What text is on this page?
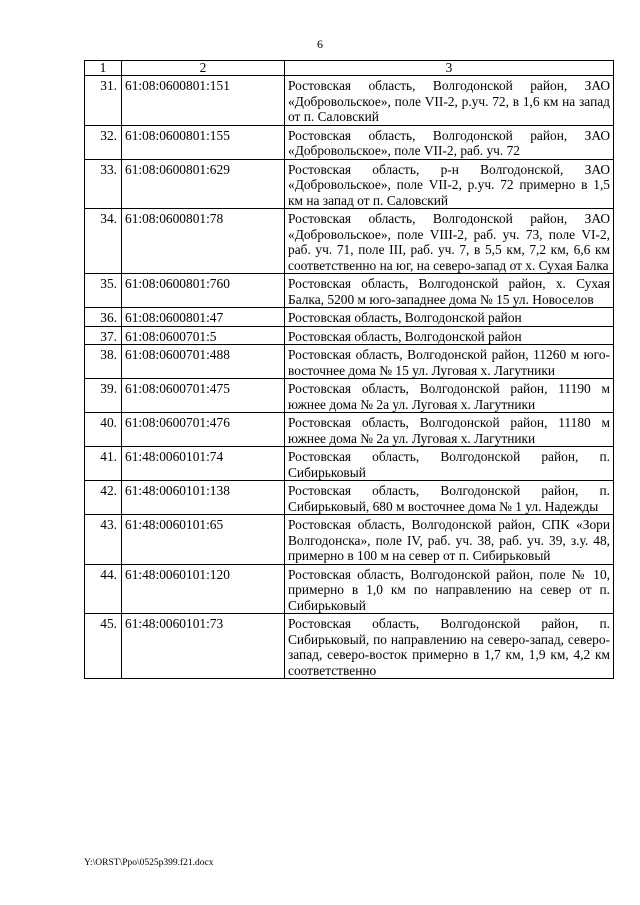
6
1	2	3
31.	61:08:0600801:151	Ростовская область, Волгодонской район, ЗАО «Добровольское», поле VII-2, р.уч. 72, в 1,6 км на запад от п. Саловский
32.	61:08:0600801:155	Ростовская область, Волгодонской район, ЗАО «Добровольское», поле VII-2, раб. уч. 72
33.	61:08:0600801:629	Ростовская область, р-н Волгодонской, ЗАО «Добровольское», поле VII-2, р.уч. 72 примерно в 1,5 км на запад от п. Саловский
34.	61:08:0600801:78	Ростовская область, Волгодонской район, ЗАО «Добровольское», поле VIII-2, раб. уч. 73, поле VI-2, раб. уч. 71, поле III, раб. уч. 7, в 5,5 км, 7,2 км, 6,6 км соответственно на юг, на северо-запад от х. Сухая Балка
35.	61:08:0600801:760	Ростовская область, Волгодонской район, х. Сухая Балка, 5200 м юго-западнее дома № 15 ул. Новоселов
36.	61:08:0600801:47	Ростовская область, Волгодонской район
37.	61:08:0600701:5	Ростовская область, Волгодонской район
38.	61:08:0600701:488	Ростовская область, Волгодонской район, 11260 м юго-восточнее дома № 15 ул. Луговая х. Лагутники
39.	61:08:0600701:475	Ростовская область, Волгодонской район, 11190 м южнее дома № 2а ул. Луговая х. Лагутники
40.	61:08:0600701:476	Ростовская область, Волгодонской район, 11180 м южнее дома № 2а ул. Луговая х. Лагутники
41.	61:48:0060101:74	Ростовская область, Волгодонской район, п. Сибирьковый
42.	61:48:0060101:138	Ростовская область, Волгодонской район, п. Сибирьковый, 680 м восточнее дома № 1 ул. Надежды
43.	61:48:0060101:65	Ростовская область, Волгодонской район, СПК «Зори Волгодонска», поле IV, раб. уч. 38, раб. уч. 39, з.у. 48, примерно в 100 м на север от п. Сибирьковый
44.	61:48:0060101:120	Ростовская область, Волгодонской район, поле № 10, примерно в 1,0 км по направлению на север от п. Сибирьковый
45.	61:48:0060101:73	Ростовская область, Волгодонской район, п. Сибирьковый, по направлению на северо-запад, северо-запад, северо-восток примерно в 1,7 км, 1,9 км, 4,2 км соответственно
Y:\ORST\Ppo\0525p399.f21.docx
